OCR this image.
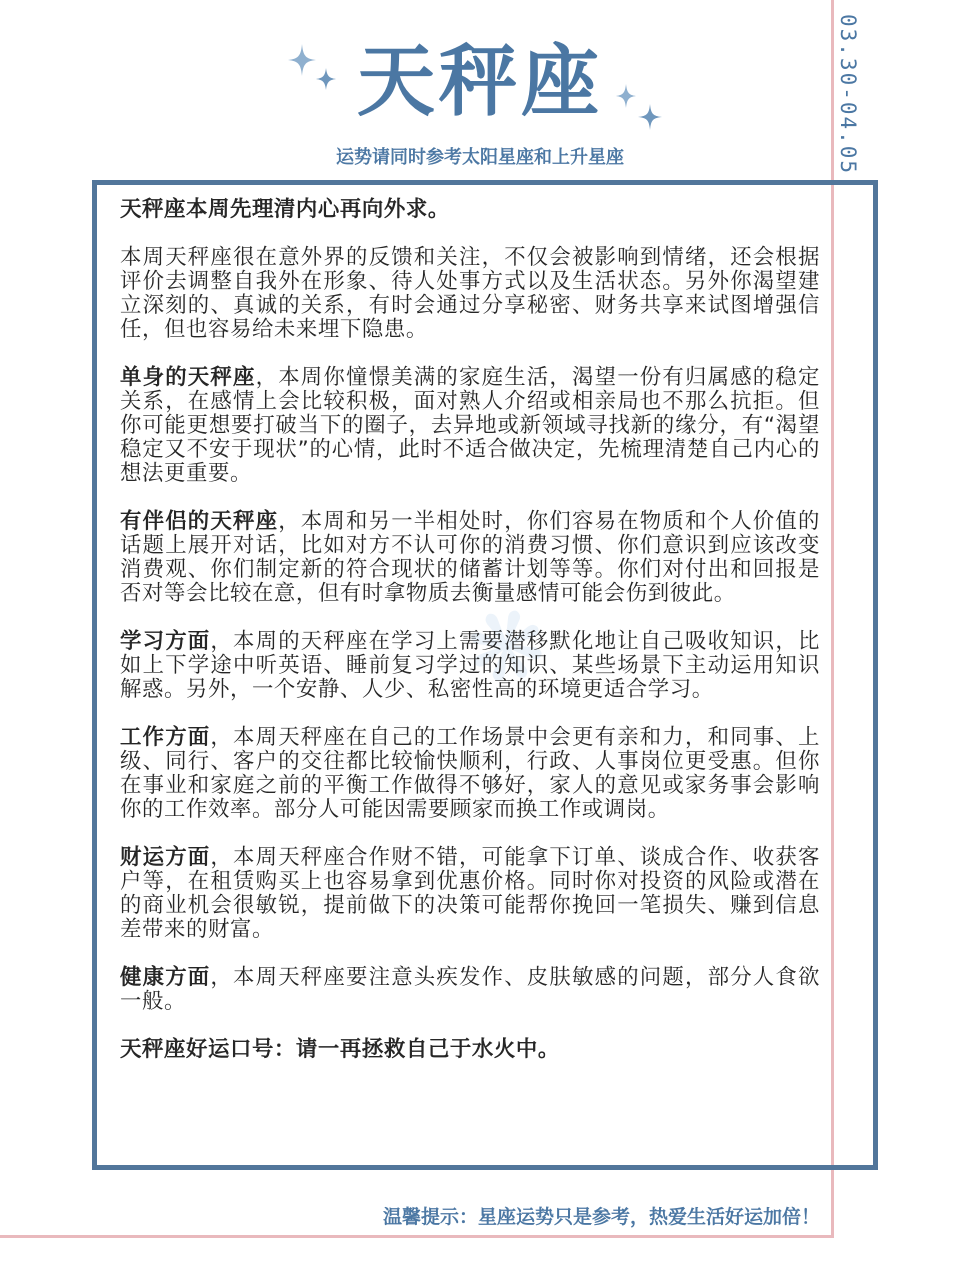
天秤座
运势请同时参考太阳星座和上升星座	03.30-04.05
❋

天秤座本周先理清内心再向外求。

本周天秤座很在意外界的反馈和关注，不仅会被影响到情绪，还会根据评价去调整自我外在形象、待人处事方式以及生活状态。另外你渴望建立深刻的、真诚的关系，有时会通过分享秘密、财务共享来试图增强信任，但也容易给未来埋下隐患。

单身的天秤座，本周你憧憬美满的家庭生活，渴望一份有归属感的稳定关系，在感情上会比较积极，面对熟人介绍或相亲局也不那么抗拒。但你可能更想要打破当下的圈子，去异地或新领域寻找新的缘分，有“渴望稳定又不安于现状”的心情，此时不适合做决定，先梳理清楚自己内心的想法更重要。

有伴侣的天秤座，本周和另一半相处时，你们容易在物质和个人价值的话题上展开对话，比如对方不认可你的消费习惯、你们意识到应该改变消费观、你们制定新的符合现状的储蓄计划等等。你们对付出和回报是否对等会比较在意，但有时拿物质去衡量感情可能会伤到彼此。

学习方面，本周的天秤座在学习上需要潜移默化地让自己吸收知识，比如上下学途中听英语、睡前复习学过的知识、某些场景下主动运用知识解惑。另外，一个安静、人少、私密性高的环境更适合学习。

工作方面，本周天秤座在自己的工作场景中会更有亲和力，和同事、上级、同行、客户的交往都比较愉快顺利，行政、人事岗位更受惠。但你在事业和家庭之前的平衡工作做得不够好，家人的意见或家务事会影响你的工作效率。部分人可能因需要顾家而换工作或调岗。

财运方面，本周天秤座合作财不错，可能拿下订单、谈成合作、收获客户等，在租赁购买上也容易拿到优惠价格。同时你对投资的风险或潜在的商业机会很敏锐，提前做下的决策可能帮你挽回一笔损失、赚到信息差带来的财富。

健康方面，本周天秤座要注意头疾发作、皮肤敏感的问题，部分人食欲一般。

天秤座好运口号：请一再拯救自己于水火中。

温馨提示：星座运势只是参考，热爱生活好运加倍！
